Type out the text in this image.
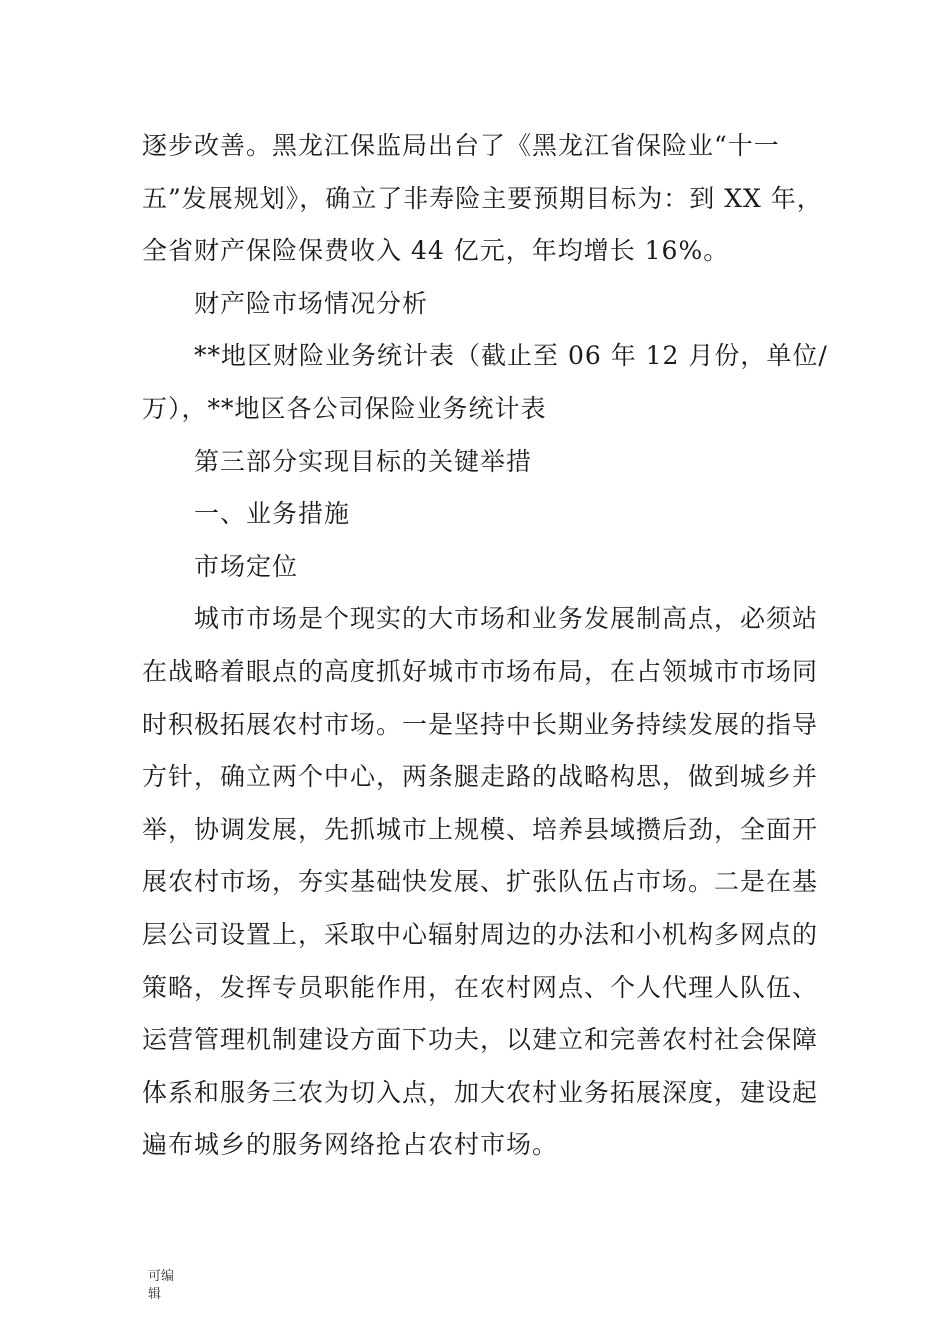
逐步改善。黑龙江保监局出台了《黑龙江省保险业“十一
五”发展规划》，确立了非寿险主要预期目标为：到 XX 年，
全省财产保险保费收入 44 亿元，年均增长 16%。
财产险市场情况分析
**地区财险业务统计表（截止至 06 年 12 月份，单位/
万），**地区各公司保险业务统计表
第三部分实现目标的关键举措
一、业务措施
市场定位
城市市场是个现实的大市场和业务发展制高点，必须站
在战略着眼点的高度抓好城市市场布局，在占领城市市场同
时积极拓展农村市场。一是坚持中长期业务持续发展的指导
方针，确立两个中心，两条腿走路的战略构思，做到城乡并
举，协调发展，先抓城市上规模、培养县域攒后劲，全面开
展农村市场，夯实基础快发展、扩张队伍占市场。二是在基
层公司设置上，采取中心辐射周边的办法和小机构多网点的
策略，发挥专员职能作用，在农村网点、个人代理人队伍、
运营管理机制建设方面下功夫，以建立和完善农村社会保障
体系和服务三农为切入点，加大农村业务拓展深度，建设起
遍布城乡的服务网络抢占农村市场。
可编辑
